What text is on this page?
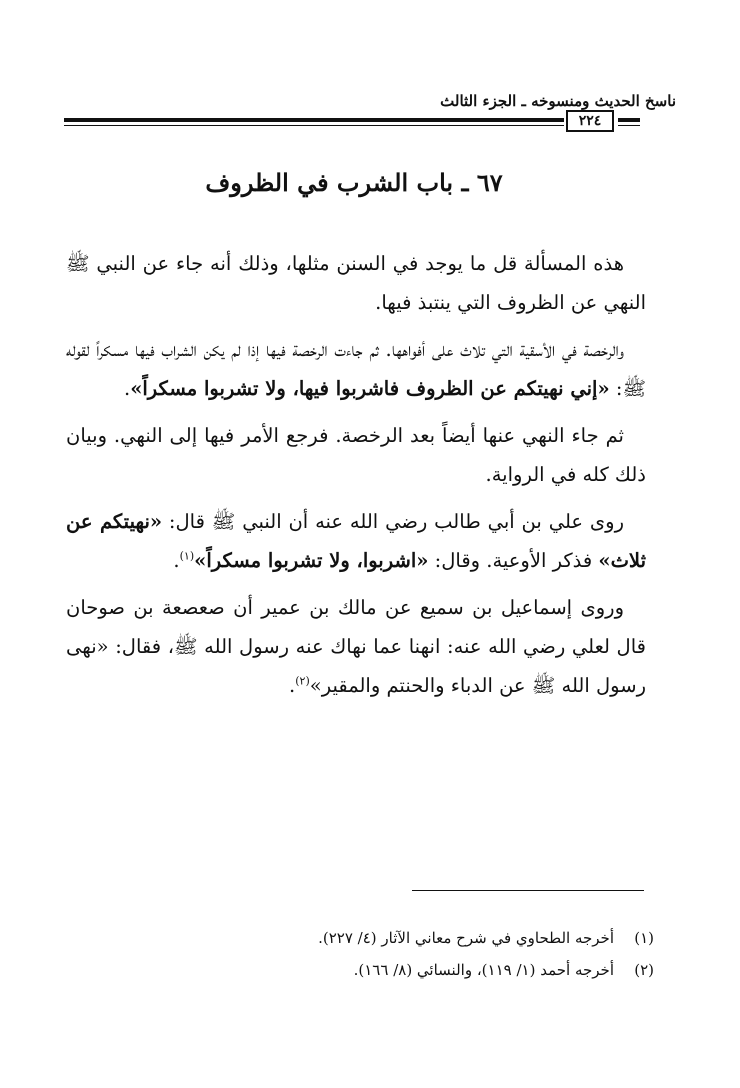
ناسخ الحديث ومنسوخه ـ الجزء الثالث
٢٢٤
٦٧ ـ باب الشرب في الظروف

هذه المسألة قل ما يوجد في السنن مثلها، وذلك أنه جاء عن النبي ﷺ النهي عن الظروف التي ينتبذ فيها.

والرخصة في الأسقية التي تلاث على أفواهها. ثم جاءت الرخصة فيها إذا لم يكن الشراب فيها مسكراً لقوله ﷺ: «إني نهيتكم عن الظروف فاشربوا فيها، ولا تشربوا مسكراً».

ثم جاء النهي عنها أيضاً بعد الرخصة. فرجع الأمر فيها إلى النهي. وبيان ذلك كله في الرواية.

روى علي بن أبي طالب رضي الله عنه أن النبي ﷺ قال: «نهيتكم عن ثلاث» فذكر الأوعية. وقال: «اشربوا، ولا تشربوا مسكراً»$^{(١)}$.

وروى إسماعيل بن سميع عن مالك بن عمير أن صعصعة بن صوحان قال لعلي رضي الله عنه: انهنا عما نهاك عنه رسول الله ﷺ، فقال: «نهى رسول الله ﷺ عن الدباء والحنتم والمقير»$^{(٢)}$.

(١)
أخرجه الطحاوي في شرح معاني الآثار (٤/ ٢٢٧).
(٢)
أخرجه أحمد (١/ ١١٩)، والنسائي (٨/ ١٦٦).
